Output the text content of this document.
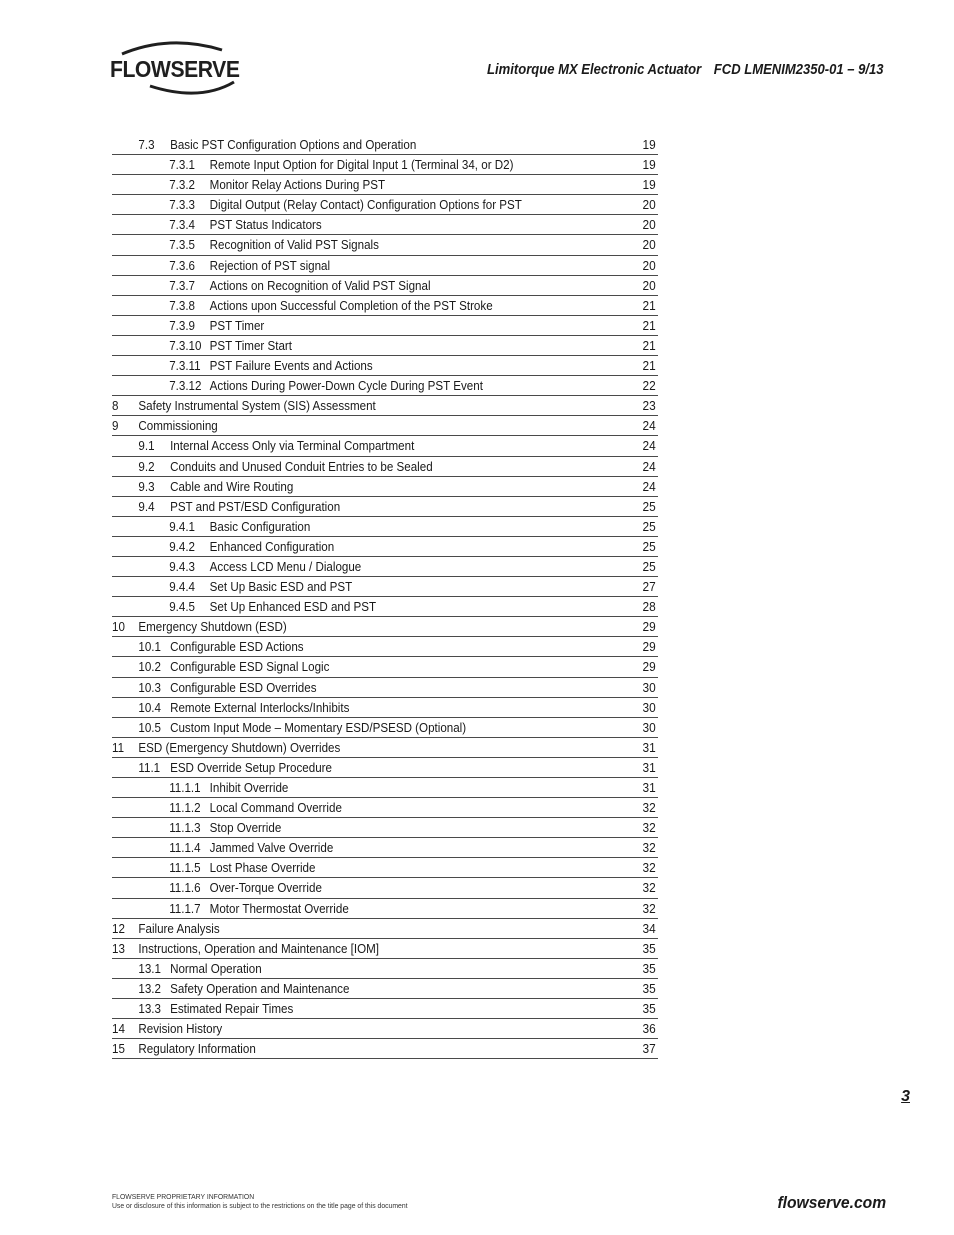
FLOWSERVE	Limitorque MX Electronic Actuator FCD LMENIM2350-01 – 9/13
7.3 Basic PST Configuration Options and Operation	19
7.3.1 Remote Input Option for Digital Input 1 (Terminal 34, or D2)	19
7.3.2 Monitor Relay Actions During PST	19
7.3.3 Digital Output (Relay Contact) Configuration Options for PST	20
7.3.4 PST Status Indicators	20
7.3.5 Recognition of Valid PST Signals	20
7.3.6 Rejection of PST signal	20
7.3.7 Actions on Recognition of Valid PST Signal	20
7.3.8 Actions upon Successful Completion of the PST Stroke	21
7.3.9 PST Timer	21
7.3.10 PST Timer Start	21
7.3.11 PST Failure Events and Actions	21
7.3.12 Actions During Power-Down Cycle During PST Event	22
8 Safety Instrumental System (SIS) Assessment	23
9 Commissioning	24
9.1 Internal Access Only via Terminal Compartment	24
9.2 Conduits and Unused Conduit Entries to be Sealed	24
9.3 Cable and Wire Routing	24
9.4 PST and PST/ESD Configuration	25
9.4.1 Basic Configuration	25
9.4.2 Enhanced Configuration	25
9.4.3 Access LCD Menu / Dialogue	25
9.4.4 Set Up Basic ESD and PST	27
9.4.5 Set Up Enhanced ESD and PST	28
10 Emergency Shutdown (ESD)	29
10.1 Configurable ESD Actions	29
10.2 Configurable ESD Signal Logic	29
10.3 Configurable ESD Overrides	30
10.4 Remote External Interlocks/Inhibits	30
10.5 Custom Input Mode – Momentary ESD/PSESD (Optional)	30
11 ESD (Emergency Shutdown) Overrides	31
11.1 ESD Override Setup Procedure	31
11.1.1 Inhibit Override	31
11.1.2 Local Command Override	32
11.1.3 Stop Override	32
11.1.4 Jammed Valve Override	32
11.1.5 Lost Phase Override	32
11.1.6 Over-Torque Override	32
11.1.7 Motor Thermostat Override	32
12 Failure Analysis	34
13 Instructions, Operation and Maintenance [IOM]	35
13.1 Normal Operation	35
13.2 Safety Operation and Maintenance	35
13.3 Estimated Repair Times	35
14 Revision History	36
15 Regulatory Information	37
3
FLOWSERVE PROPRIETARY INFORMATION
Use or disclosure of this information is subject to the restrictions on the title page of this document	flowserve.com
